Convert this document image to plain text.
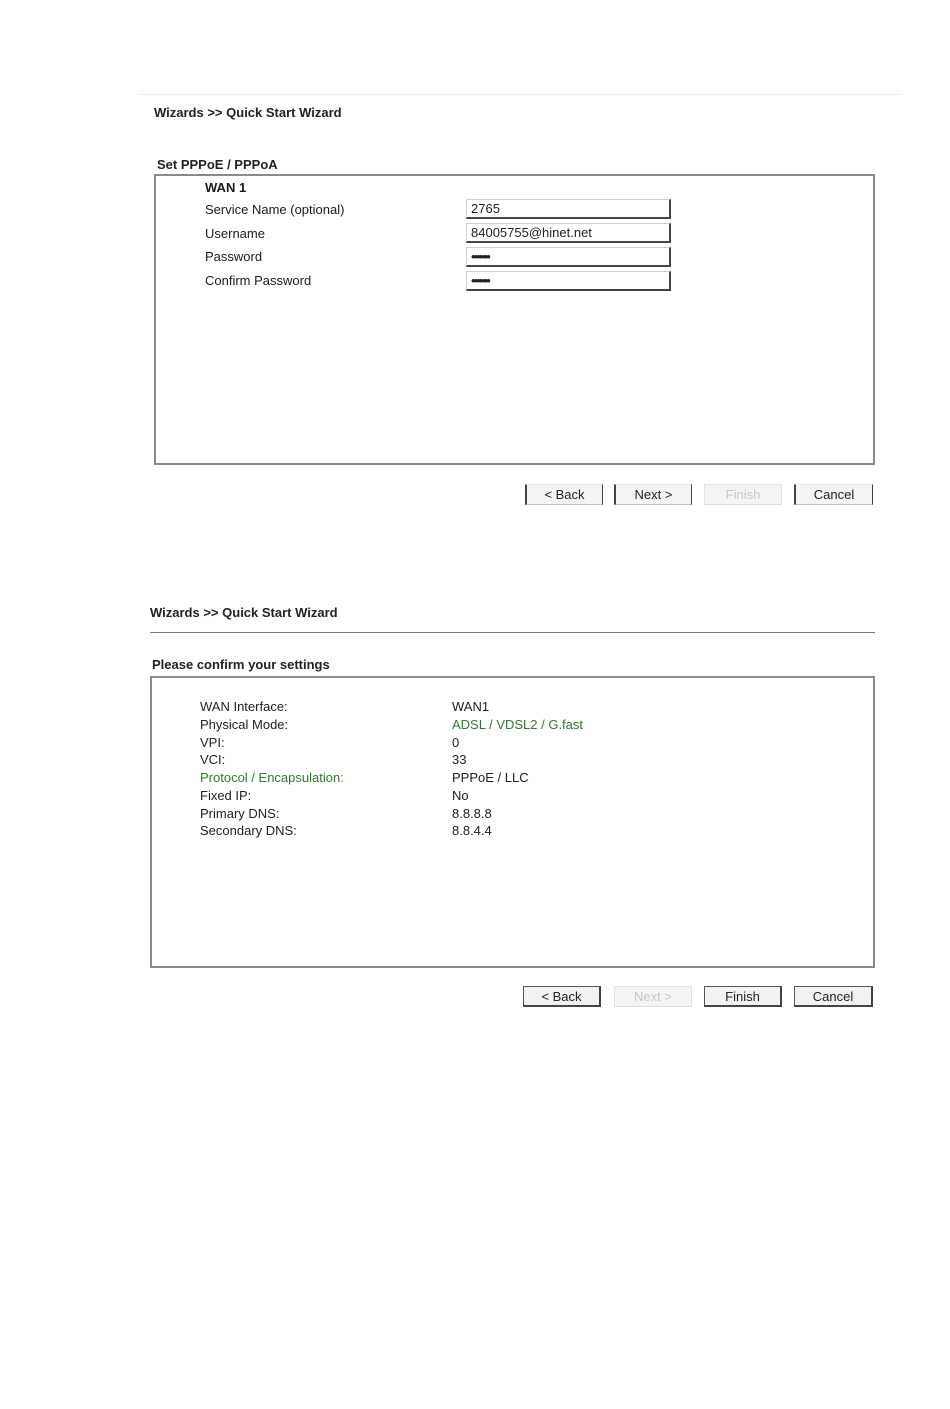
Wizards >> Quick Start Wizard
Set PPPoE / PPPoA
WAN 1
Service Name (optional)	2765
Username	84005755@hinet.net
Password	•••••••
Confirm Password	•••••••
< Back	Next >	Finish	Cancel
Wizards >> Quick Start Wizard
Please confirm your settings
WAN Interface:	WAN1
Physical Mode:	ADSL / VDSL2 / G.fast
VPI:	0
VCI:	33
Protocol / Encapsulation:	PPPoE / LLC
Fixed IP:	No
Primary DNS:	8.8.8.8
Secondary DNS:	8.8.4.4
< Back	Next >	Finish	Cancel
